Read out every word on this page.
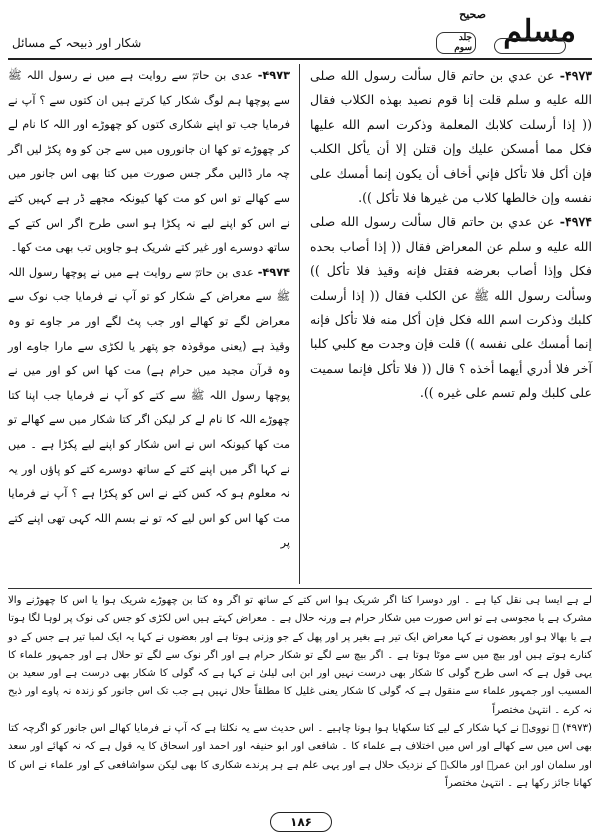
صحيح مسلم
جلد سوم
شکار اور ذبیحہ کے مسائل

۴۹۷۳- عن عدي بن حاتم قال سألت رسول الله صلى الله عليه و سلم قلت إنا قوم نصيد بهذه الكلاب فقال (( إذا أرسلت كلابك المعلمة وذكرت اسم الله عليها فكل مما أمسكن عليك وإن قتلن إلا أن يأكل الكلب فإن أكل فلا تأكل فإني أخاف أن يكون إنما أمسك على نفسه وإن خالطها كلاب من غيرها فلا تأكل )).

۴۹۷۴- عن عدي بن حاتم قال سألت رسول الله صلى الله عليه و سلم عن المعراض فقال (( إذا أصاب بحده فكل وإذا أصاب بعرضه فقتل فإنه وقيذ فلا تأكل )) وسألت رسول الله ﷺ عن الكلب فقال (( إذا أرسلت كلبك وذكرت اسم الله فكل فإن أكل منه فلا تأكل فإنه إنما أمسك على نفسه )) قلت فإن وجدت مع كلبي كلبا آخر فلا أدري أيهما أخذه ؟ قال (( فلا تأكل فإنما سميت على كلبك ولم تسم على غيره )).

۴۹۷۳- عدی بن حاتمؓ سے روایت ہے میں نے رسول اللہ ﷺ سے پوچھا ہم لوگ شکار کیا کرتے ہیں ان کتوں سے ؟ آپ نے فرمایا جب تو اپنے شکاری کتوں کو چھوڑے اور اللہ کا نام لے کر چھوڑے تو کھا ان جانوروں میں سے جن کو وہ پکڑ لیں اگر چہ مار ڈالیں مگر جس صورت میں کتا بھی اس جانور میں سے کھالے تو اس کو مت کھا کیونکہ مجھے ڈر ہے کہیں کتے نے اس کو اپنے لیے نہ پکڑا ہو اسی طرح اگر اس کتے کے ساتھ دوسرے اور غیر کتے شریک ہو جاویں تب بھی مت کھا۔

۴۹۷۴- عدی بن حاتمؓ سے روایت ہے میں نے پوچھا رسول اللہ ﷺ سے معراض کے شکار کو تو آپ نے فرمایا جب نوک سے معراض لگے تو کھالے اور جب پٹ لگے اور مر جاوے تو وہ وقیذ ہے (یعنی موقوذہ جو پتھر یا لکڑی سے مارا جاوے اور وہ قرآن مجید میں حرام ہے) مت کھا اس کو اور میں نے پوچھا رسول اللہ ﷺ سے کتے کو آپ نے فرمایا جب اپنا کتا چھوڑے اللہ کا نام لے کر لیکن اگر کتا شکار میں سے کھالے تو مت کھا کیونکہ اس نے اس شکار کو اپنے لیے پکڑا ہے ۔ میں نے کہا اگر میں اپنے کتے کے ساتھ دوسرے کتے کو پاؤں اور یہ نہ معلوم ہو کہ کس کتے نے اس کو پکڑا ہے ؟ آپ نے فرمایا مت کھا اس کو اس لیے کہ تو نے بسم اللہ کہی تھی اپنے کتے پر

لے ہے ایسا ہی نقل کیا ہے ۔ اور دوسرا کتا اگر شریک ہوا اس کتے کے ساتھ تو اگر وہ کتا بن چھوڑے شریک ہوا یا اس کا چھوڑنے والا مشرک ہے یا مجوسی ہے تو اس صورت میں شکار حرام ہے ورنہ حلال ہے ۔ معراض کہتے ہیں اس لکڑی کو جس کی نوک پر لوہا لگا ہوتا ہے یا بھالا ہو اور بعضوں نے کہا معراض ایک تیر ہے بغیر پر اور پھل کے جو وزنی ہوتا ہے اور بعضوں نے کہا یہ ایک لمبا تیر ہے جس کے دو کنارے ہوتے ہیں اور بیچ میں سے موٹا ہوتا ہے ۔ اگر بیچ سے لگے تو شکار حرام ہے اور اگر نوک سے لگے تو حلال ہے اور جمہور علماء کا یہی قول ہے کہ اسی طرح گولی کا شکار بھی درست نہیں اور ابن ابی لیلیٰ نے کہا ہے کہ گولی کا شکار بھی درست ہے اور سعید بن المسیب اور جمہور علماء سے منقول ہے کہ گولی کا شکار یعنی غلیل کا مطلقاً حلال نہیں ہے جب تک اس جانور کو زندہ نہ پاوے اور ذبح نہ کرے ۔ انتہیٰ مختصراً

(۴۹۷۳) ﷺ نوویؒ نے کہا شکار کے لیے کتا سکھایا ہوا ہونا چاہیے ۔ اس حدیث سے یہ نکلتا ہے کہ آپ نے فرمایا کھالے اس جانور کو اگرچہ کتا بھی اس میں سے کھالے اور اس میں اختلاف ہے علماء کا ۔ شافعی اور ابو حنیفہ اور احمد اور اسحاق کا یہ قول ہے کہ نہ کھائے اور سعد اور سلمان اور ابن عمرؓ اور مالکؒ کے نزدیک حلال ہے اور یہی علم ہے ہر پرندے شکاری کا بھی لیکن سواشافعی کے اور علماء نے اس کا کھانا جائز رکھا ہے ۔ انتہیٰ مختصراً

۱۸۶
